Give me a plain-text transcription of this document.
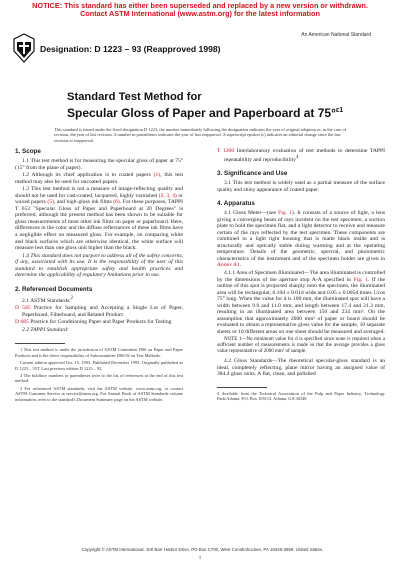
NOTICE: This standard has either been superseded and replaced by a new version or withdrawn.
Contact ASTM International (www.astm.org) for the latest information
Designation: D 1223 – 93 (Reapproved 1998)
An American National Standard
Standard Test Method for
Specular Gloss of Paper and Paperboard at 75°$^{\varepsilon 1}$
This standard is issued under the fixed designation D 1223; the number immediately following the designation indicates the year of original adoption or, in the case of revision, the year of last revision. A number in parentheses indicates the year of last reapproval. A superscript epsilon (ε) indicates an editorial change since the last revision or reapproval.
1. Scope

1.1 This test method is for measuring the specular gloss of paper at 75° (15° from the plane of paper).

1.2 Although its chief application is to coated papers (1), this test method may also be used for uncoated papers.

1.3 This test method is not a measure of image-reflecting quality and should not be used for cast-coated, lacquered, highly varnished (2, 3, 4) or waxed papers (5), and high-gloss ink films (6). For these purposes, TAPPI T 653 "Specular Gloss of Paper and Paperboard at 20 Degrees" is preferred, although the present method has been shown to be suitable for gloss measurements of most other ink films on paper or paperboard. Here, differences in the color and the diffuse reflectances of these ink films have a negligible effect on measured gloss. For example, on comparing white and black surfaces which are otherwise identical, the white surface will measure less than one gloss unit higher than the black.

1.4 This standard does not purport to address all of the safety concerns, if any, associated with its use. It is the responsibility of the user of this standard to establish appropriate safety and health practices and determine the applicability of regulatory limitations prior to use.

2. Referenced Documents

2.1 ASTM Standards:$^2$

D 585 Practice for Sampling and Accepting a Single Lot of Paper, Paperboard, Fiberboard, and Related Product

D 685 Practice for Conditioning Paper and Paper Products for Testing

2.2 TAPPI Standard:

1 This test method is under the jurisdiction of ASTM Committee D06 on Paper and Paper Products and is the direct responsibility of Subcommittee D06.92 on Test Methods.
Current edition approved Oct. 15, 1993. Published December 1993. Originally published as D 1223 – 55T. Last previous edition D 1223 – 92.
2 The boldface numbers in parentheses refer to the list of references at the end of this test method.
3 For referenced ASTM standards, visit the ASTM website, www.astm.org, or contact ASTM Customer Service at service@astm.org. For Annual Book of ASTM Standards volume information, refer to the standard's Document Summary page on the ASTM website.

T 1200 Interlaboratory evaluation of test methods to determine TAPPI repeatability and reproducibility$^4$

3. Significance and Use

3.1 This test method is widely used as a partial measure of the surface quality and shiny appearance of coated paper.

4. Apparatus

4.1 Gloss Meter—(see Fig. 1). It consists of a source of light, a lens giving a converging beam of rays incident on the test specimen, a suction plate to hold the specimen flat, and a light detector to receive and measure certain of the rays reflected by the test specimen. These components are combined in a light tight housing that is matte black inside and is structurally and optically stable during warming and at the operating temperature. Details of the geometric, spectral, and photometric characteristics of the instrument and of the specimen holder are given in Annex A1.

4.1.1 Area of Specimen Illuminated—The area illuminated is controlled by the dimensions of the aperture stop A-A specified in Fig. 1. If the outline of this spot is projected sharply onto the specimen, the illuminated area will be rectangular, 0.10d ± 0.01d wide and 0.05 ± 0.005d times 1/cos 75° long. When the value for d is 100 mm, the illuminated spot will have a width between 9.0 and 11.0 mm, and length between 17.4 and 21.3 mm, resulting in an illuminated area between 156 and 234 mm². On the assumption that approximately 2000 mm² of paper or board should be evaluated to obtain a representative gloss value for the sample, 10 separate sheets or 10 different areas on one sheet should be measured and averaged.

NOTE 1—No minimum value for d is specified since none is required when a sufficient number of measurements is made so that the average provides a gloss value representative of 2000 mm² of sample.

4.2 Gloss Standards—The theoretical specular-gloss standard is an ideal, completely reflecting, plane mirror having an assigned value of 384.4 gloss units. A flat, clean, and polished

4 Available from the Technical Association of the Pulp and Paper Industry, Technology Park/Atlanta, P.O. Box 105113, Atlanta, GA 30348.
Copyright © ASTM International, 100 Barr Harbor Drive, PO Box C700, West Conshohocken, PA 19428-2959, United States.
1
